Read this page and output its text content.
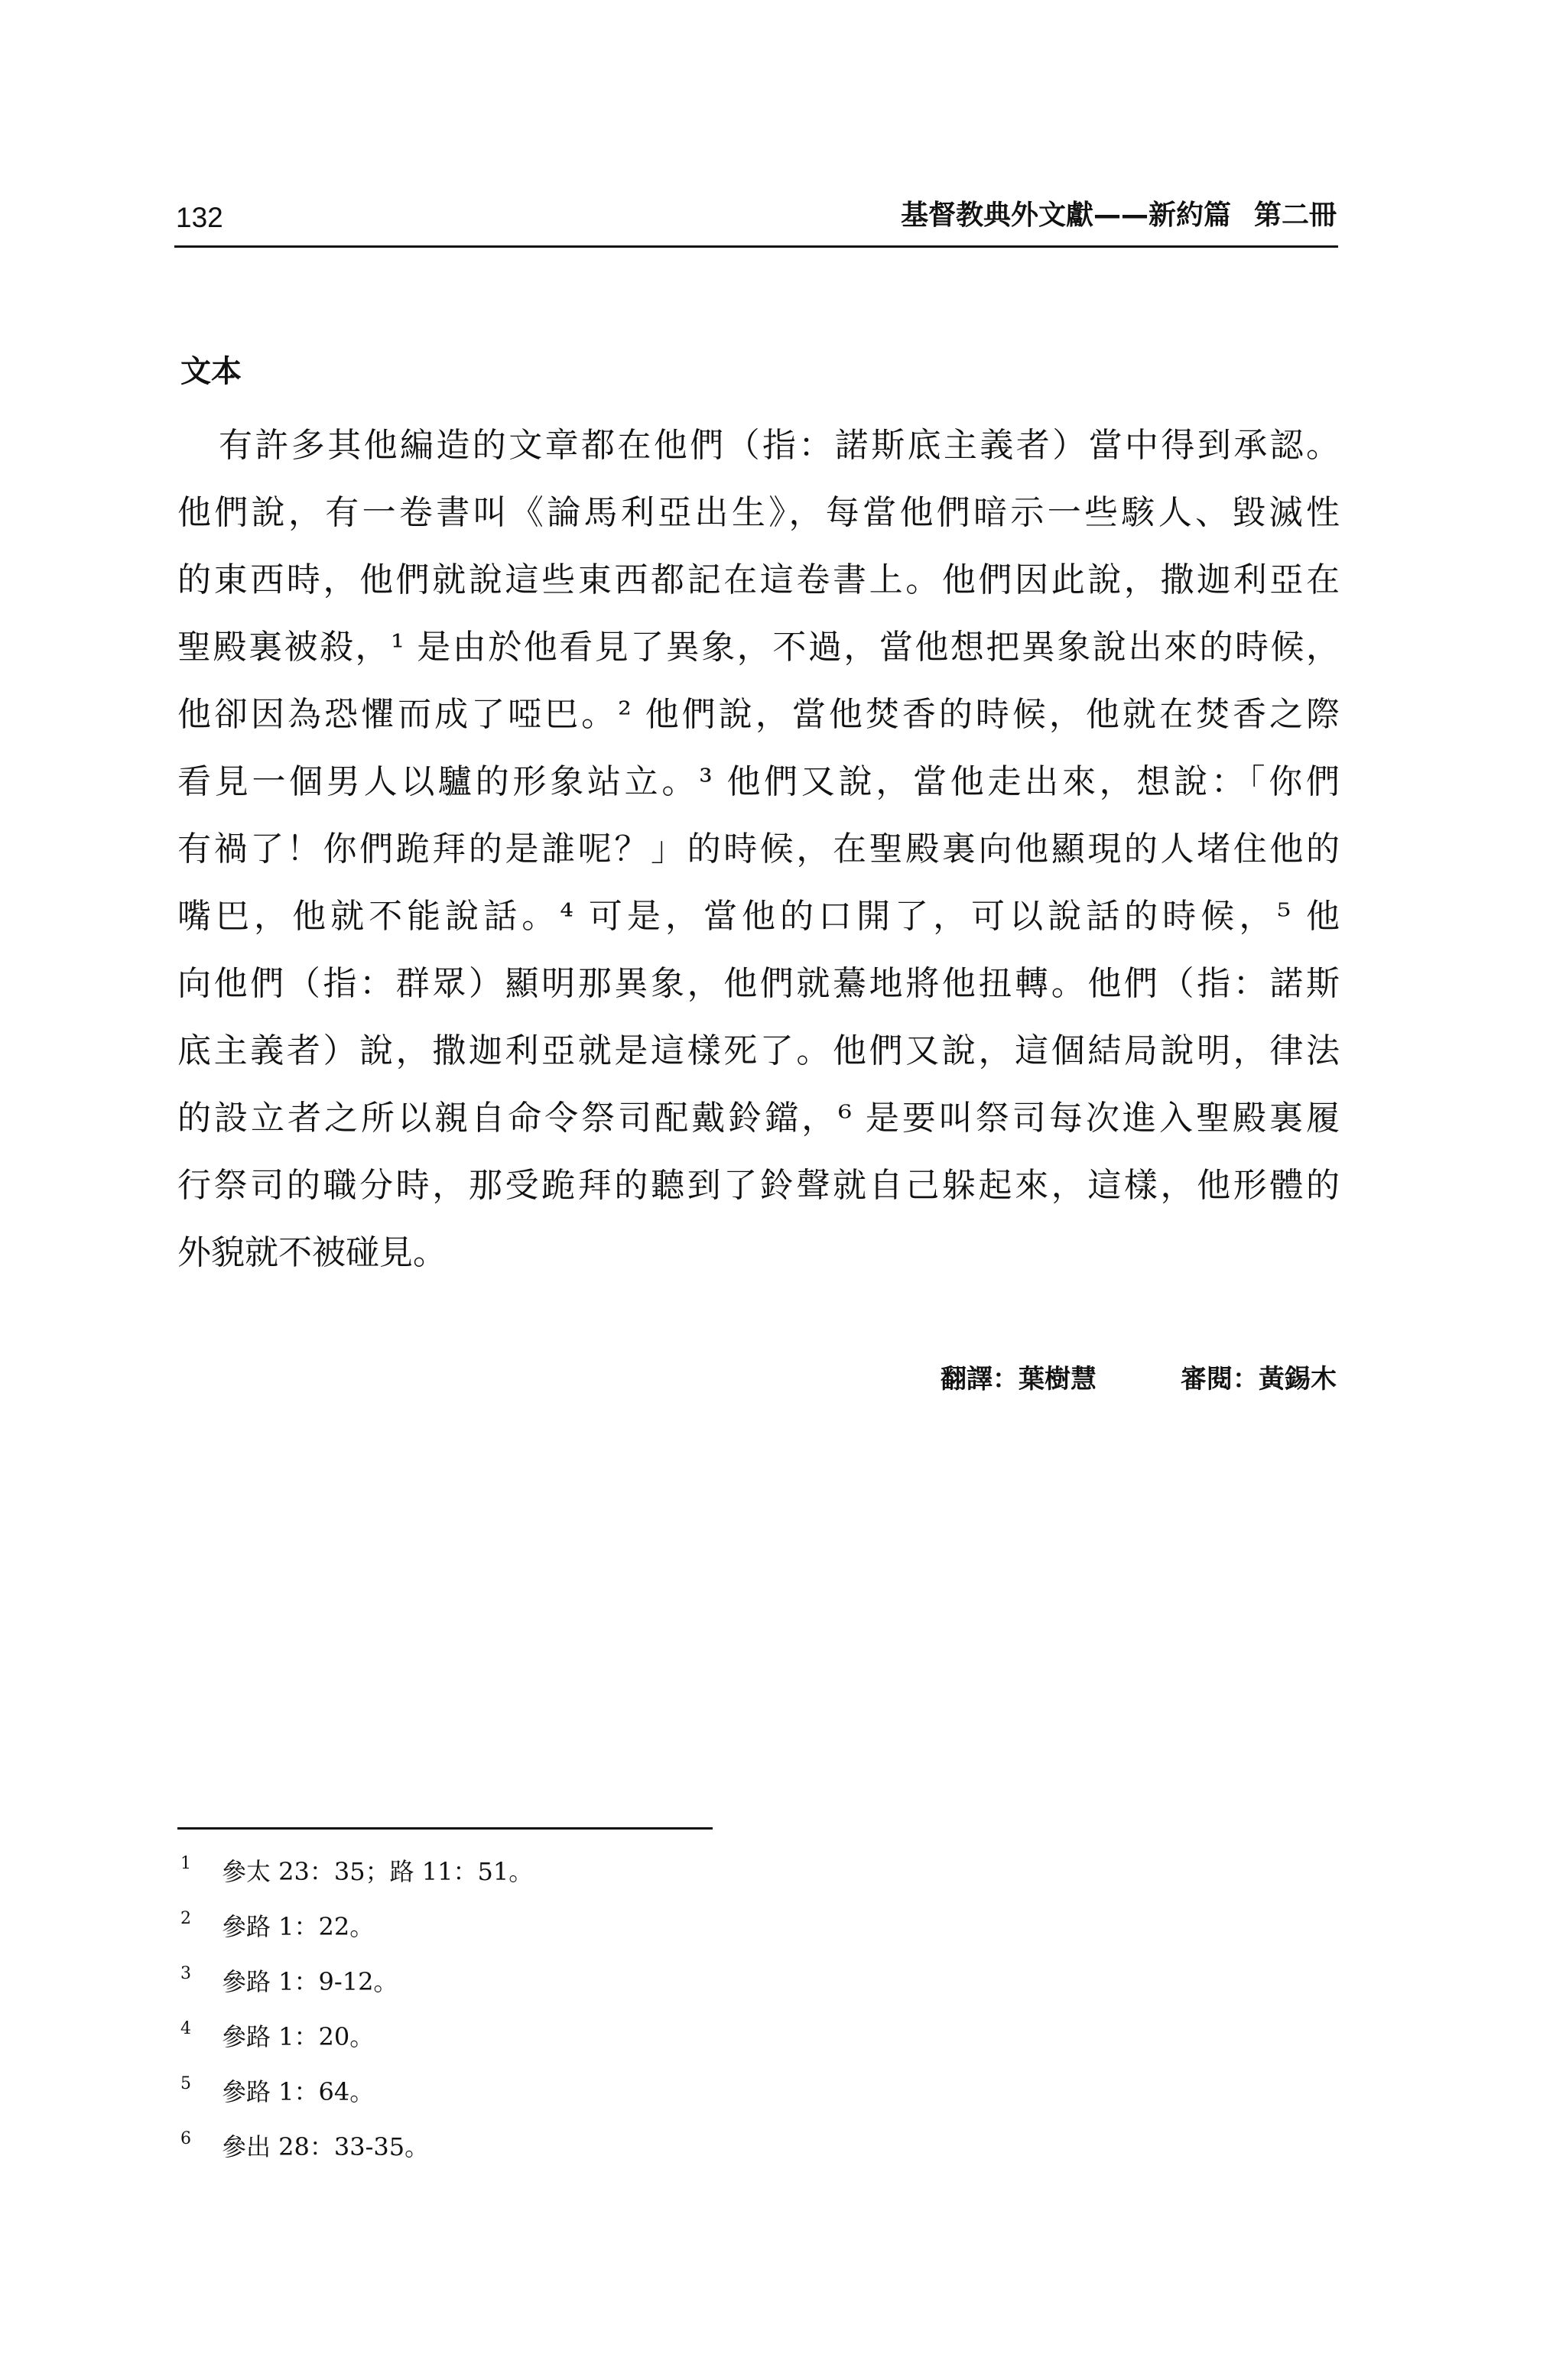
132	基督教典外文獻——新約篇 第二冊
文本
有許多其他編造的文章都在他們（指：諾斯底主義者）當中得到承認。
他們說，有一卷書叫《論馬利亞出生》，每當他們暗示一些駭人、毀滅性
的東西時，他們就說這些東西都記在這卷書上。他們因此說，撒迦利亞在
聖殿裏被殺，¹ 是由於他看見了異象，不過，當他想把異象說出來的時候，
他卻因為恐懼而成了啞巴。² 他們說，當他焚香的時候，他就在焚香之際
看見一個男人以驢的形象站立。³ 他們又說，當他走出來，想說：「你們
有禍了！你們跪拜的是誰呢？」的時候，在聖殿裏向他顯現的人堵住他的
嘴巴，他就不能說話。⁴ 可是，當他的口開了，可以說話的時候，⁵ 他
向他們（指：群眾）顯明那異象，他們就驀地將他扭轉。他們（指：諾斯
底主義者）說，撒迦利亞就是這樣死了。他們又說，這個結局說明，律法
的設立者之所以親自命令祭司配戴鈴鐺，⁶ 是要叫祭司每次進入聖殿裏履
行祭司的職分時，那受跪拜的聽到了鈴聲就自己躲起來，這樣，他形體的
外貌就不被碰見。
翻譯：葉樹慧	審閱：黃錫木
1 參太 23：35；路 11：51。
2 參路 1：22。
3 參路 1：9-12。
4 參路 1：20。
5 參路 1：64。
6 參出 28：33-35。
